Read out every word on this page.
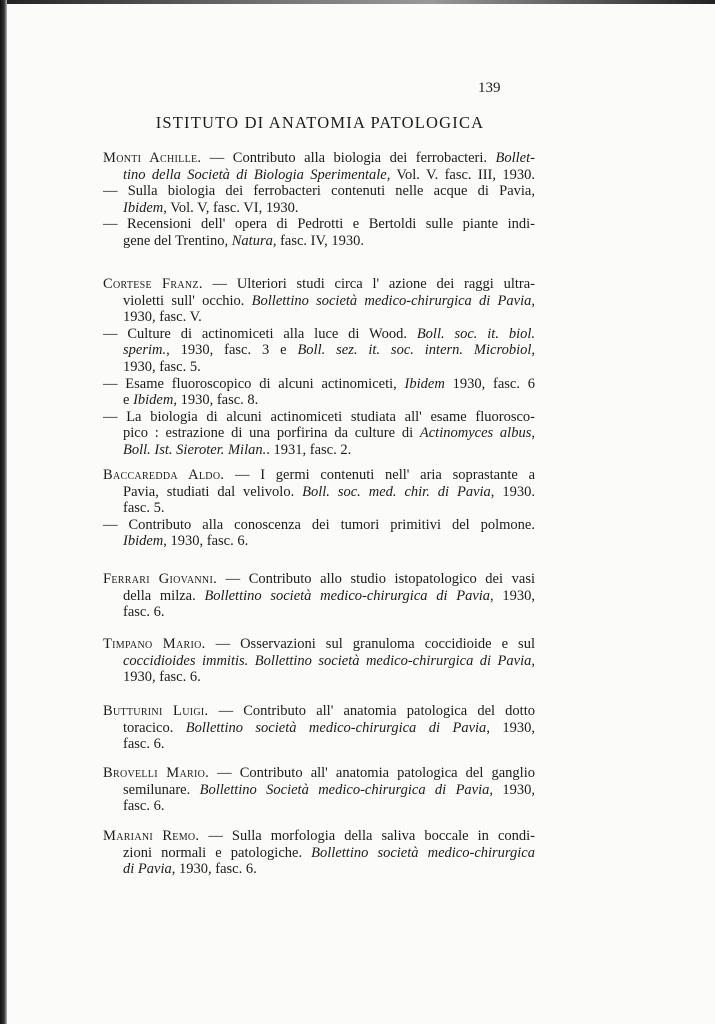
139
ISTITUTO DI ANATOMIA PATOLOGICA
Monti Achille. — Contributo alla biologia dei ferrobacteri. Bollet-
tino della Società di Biologia Sperimentale, Vol. V. fasc. III, 1930.
— Sulla biologia dei ferrobacteri contenuti nelle acque di Pavia,
Ibidem, Vol. V, fasc. VI, 1930.
— Recensioni dell' opera di Pedrotti e Bertoldi sulle piante indi-
gene del Trentino, Natura, fasc. IV, 1930.
Cortese Franz. — Ulteriori studi circa l' azione dei raggi ultra-
violetti sull' occhio. Bollettino società medico-chirurgica di Pavia,
1930, fasc. V.
— Culture di actinomiceti alla luce di Wood. Boll. soc. it. biol.
sperim., 1930, fasc. 3 e Boll. sez. it. soc. intern. Microbiol,
1930, fasc. 5.
— Esame fluoroscopico di alcuni actinomiceti, Ibidem 1930, fasc. 6
e Ibidem, 1930, fasc. 8.
— La biologia di alcuni actinomiceti studiata all' esame fluorosco-
pico : estrazione di una porfirina da culture di Actinomyces albus,
Boll. Ist. Sieroter. Milan.. 1931, fasc. 2.
Baccaredda Aldo. — I germi contenuti nell' aria soprastante a
Pavia, studiati dal velivolo. Boll. soc. med. chir. di Pavia, 1930.
fasc. 5.
— Contributo alla conoscenza dei tumori primitivi del polmone.
Ibidem, 1930, fasc. 6.
Ferrari Giovanni. — Contributo allo studio istopatologico dei vasi
della milza. Bollettino società medico-chirurgica di Pavia, 1930,
fasc. 6.
Timpano Mario. — Osservazioni sul granuloma coccidioide e sul
coccidioides immitis. Bollettino società medico-chirurgica di Pavia,
1930, fasc. 6.
Butturini Luigi. — Contributo all' anatomia patologica del dotto
toracico. Bollettino società medico-chirurgica di Pavia, 1930,
fasc. 6.
Brovelli Mario. — Contributo all' anatomia patologica del ganglio
semilunare. Bollettino Società medico-chirurgica di Pavia, 1930,
fasc. 6.
Mariani Remo. — Sulla morfologia della saliva boccale in condi-
zioni normali e patologiche. Bollettino società medico-chirurgica
di Pavia, 1930, fasc. 6.
